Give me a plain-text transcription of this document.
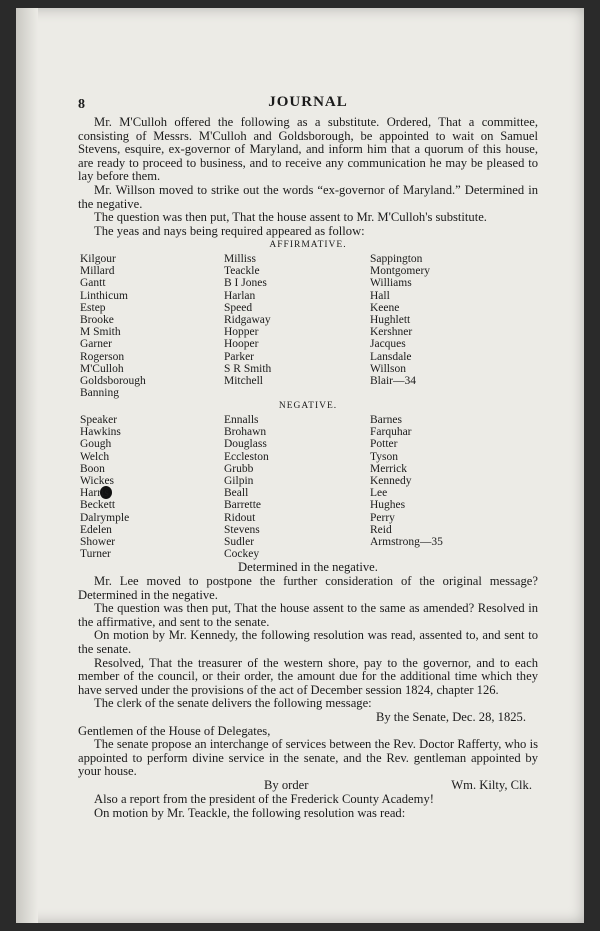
8	JOURNAL

Mr. M'Culloh offered the following as a substitute. Ordered, That a committee, consisting of Messrs. M'Culloh and Goldsborough, be appointed to wait on Samuel Stevens, esquire, ex-governor of Maryland, and inform him that a quorum of this house, are ready to proceed to business, and to receive any communication he may be pleased to lay before them.

Mr. Willson moved to strike out the words “ex-governor of Maryland.” Determined in the negative.

The question was then put, That the house assent to Mr. M'Culloh's substitute.

The yeas and nays being required appeared as follow:

AFFIRMATIVE.
Kilgour
Millard
Gantt
Linthicum
Estep
Brooke
M Smith
Garner
Rogerson
M'Culloh
Goldsborough
Banning
Milliss
Teackle
B I Jones
Harlan
Speed
Ridgaway
Hopper
Hooper
Parker
S R Smith
Mitchell
Sappington
Montgomery
Williams
Hall
Keene
Hughlett
Kershner
Jacques
Lansdale
Willson
Blair—34
NEGATIVE.
Speaker
Hawkins
Gough
Welch
Boon
Wickes
Harris
Beckett
Dalrymple
Edelen
Shower
Turner
Ennalls
Brohawn
Douglass
Eccleston
Grubb
Gilpin
Beall
Barrette
Ridout
Stevens
Sudler
Cockey
Barnes
Farquhar
Potter
Tyson
Merrick
Kennedy
Lee
Hughes
Perry
Reid
Armstrong—35
Determined in the negative.

Mr. Lee moved to postpone the further consideration of the original message? Determined in the negative.

The question was then put, That the house assent to the same as amended? Resolved in the affirmative, and sent to the senate.

On motion by Mr. Kennedy, the following resolution was read, assented to, and sent to the senate.

Resolved, That the treasurer of the western shore, pay to the governor, and to each member of the council, or their order, the amount due for the additional time which they have served under the provisions of the act of December session 1824, chapter 126.

The clerk of the senate delivers the following message:

By the Senate, Dec. 28, 1825.

Gentlemen of the House of Delegates,

The senate propose an interchange of services between the Rev. Doctor Rafferty, who is appointed to perform divine service in the senate, and the Rev. gentleman appointed by your house.

By order	Wm. Kilty, Clk.

Also a report from the president of the Frederick County Academy!

On motion by Mr. Teackle, the following resolution was read:
